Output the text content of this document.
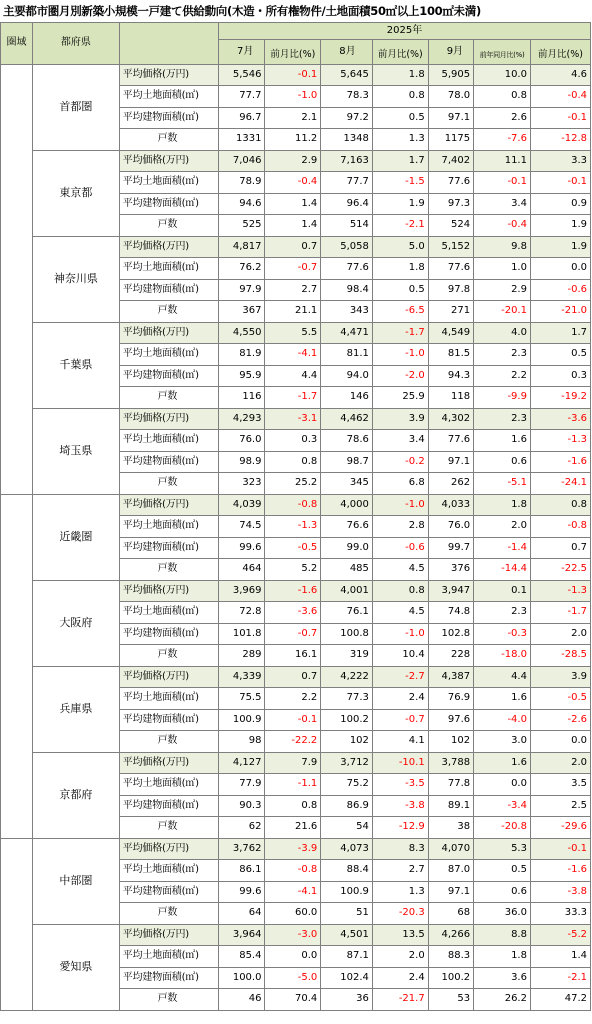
主要都市圏月別新築小規模一戸建て供給動向(木造・所有権物件/土地面積50㎡以上100㎡未満)
圏域	都府県		2025年						
			7月	前月比(%)	8月	前月比(%)	9月	前年同月比(%)	前月比(%)

	首都圏	平均価格(万円)	5,546	-0.1	5,645	1.8	5,905	10.0	4.6
		平均土地面積(㎡)	77.7	-1.0	78.3	0.8	78.0	0.8	-0.4
		平均建物面積(㎡)	96.7	2.1	97.2	0.5	97.1	2.6	-0.1
		戸数	1331	11.2	1348	1.3	1175	-7.6	-12.8
	東京都	平均価格(万円)	7,046	2.9	7,163	1.7	7,402	11.1	3.3
		平均土地面積(㎡)	78.9	-0.4	77.7	-1.5	77.6	-0.1	-0.1
		平均建物面積(㎡)	94.6	1.4	96.4	1.9	97.3	3.4	0.9
		戸数	525	1.4	514	-2.1	524	-0.4	1.9
	神奈川県	平均価格(万円)	4,817	0.7	5,058	5.0	5,152	9.8	1.9
		平均土地面積(㎡)	76.2	-0.7	77.6	1.8	77.6	1.0	0.0
		平均建物面積(㎡)	97.9	2.7	98.4	0.5	97.8	2.9	-0.6
		戸数	367	21.1	343	-6.5	271	-20.1	-21.0
	千葉県	平均価格(万円)	4,550	5.5	4,471	-1.7	4,549	4.0	1.7
		平均土地面積(㎡)	81.9	-4.1	81.1	-1.0	81.5	2.3	0.5
		平均建物面積(㎡)	95.9	4.4	94.0	-2.0	94.3	2.2	0.3
		戸数	116	-1.7	146	25.9	118	-9.9	-19.2
	埼玉県	平均価格(万円)	4,293	-3.1	4,462	3.9	4,302	2.3	-3.6
		平均土地面積(㎡)	76.0	0.3	78.6	3.4	77.6	1.6	-1.3
		平均建物面積(㎡)	98.9	0.8	98.7	-0.2	97.1	0.6	-1.6
		戸数	323	25.2	345	6.8	262	-5.1	-24.1
	近畿圏	平均価格(万円)	4,039	-0.8	4,000	-1.0	4,033	1.8	0.8
		平均土地面積(㎡)	74.5	-1.3	76.6	2.8	76.0	2.0	-0.8
		平均建物面積(㎡)	99.6	-0.5	99.0	-0.6	99.7	-1.4	0.7
		戸数	464	5.2	485	4.5	376	-14.4	-22.5
	大阪府	平均価格(万円)	3,969	-1.6	4,001	0.8	3,947	0.1	-1.3
		平均土地面積(㎡)	72.8	-3.6	76.1	4.5	74.8	2.3	-1.7
		平均建物面積(㎡)	101.8	-0.7	100.8	-1.0	102.8	-0.3	2.0
		戸数	289	16.1	319	10.4	228	-18.0	-28.5
	兵庫県	平均価格(万円)	4,339	0.7	4,222	-2.7	4,387	4.4	3.9
		平均土地面積(㎡)	75.5	2.2	77.3	2.4	76.9	1.6	-0.5
		平均建物面積(㎡)	100.9	-0.1	100.2	-0.7	97.6	-4.0	-2.6
		戸数	98	-22.2	102	4.1	102	3.0	0.0
	京都府	平均価格(万円)	4,127	7.9	3,712	-10.1	3,788	1.6	2.0
		平均土地面積(㎡)	77.9	-1.1	75.2	-3.5	77.8	0.0	3.5
		平均建物面積(㎡)	90.3	0.8	86.9	-3.8	89.1	-3.4	2.5
		戸数	62	21.6	54	-12.9	38	-20.8	-29.6
	中部圏	平均価格(万円)	3,762	-3.9	4,073	8.3	4,070	5.3	-0.1
		平均土地面積(㎡)	86.1	-0.8	88.4	2.7	87.0	0.5	-1.6
		平均建物面積(㎡)	99.6	-4.1	100.9	1.3	97.1	0.6	-3.8
		戸数	64	60.0	51	-20.3	68	36.0	33.3
	愛知県	平均価格(万円)	3,964	-3.0	4,501	13.5	4,266	8.8	-5.2
		平均土地面積(㎡)	85.4	0.0	87.1	2.0	88.3	1.8	1.4
		平均建物面積(㎡)	100.0	-5.0	102.4	2.4	100.2	3.6	-2.1
		戸数	46	70.4	36	-21.7	53	26.2	47.2
